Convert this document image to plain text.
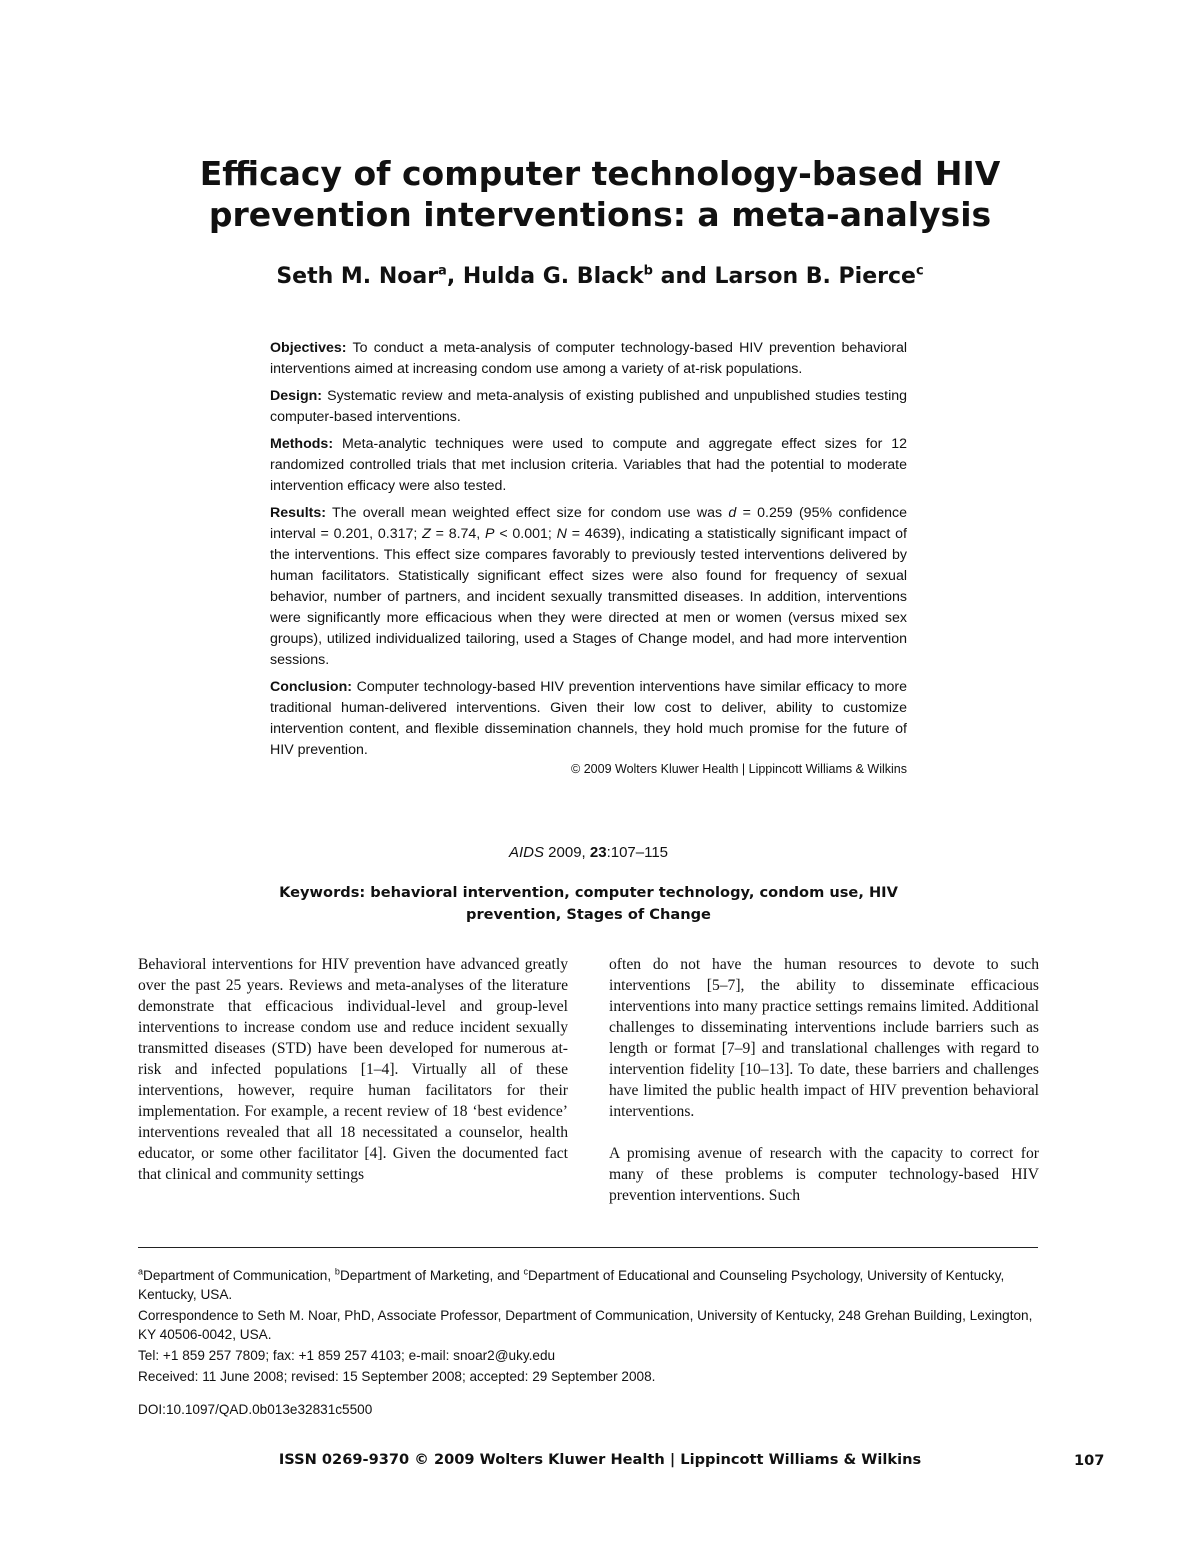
Efficacy of computer technology-based HIV
prevention interventions: a meta-analysis
Seth M. Noar$^a$, Hulda G. Black$^b$ and Larson B. Pierce$^c$

Objectives: To conduct a meta-analysis of computer technology-based HIV prevention behavioral interventions aimed at increasing condom use among a variety of at-risk populations.

Design: Systematic review and meta-analysis of existing published and unpublished studies testing computer-based interventions.

Methods: Meta-analytic techniques were used to compute and aggregate effect sizes for 12 randomized controlled trials that met inclusion criteria. Variables that had the potential to moderate intervention efficacy were also tested.

Results: The overall mean weighted effect size for condom use was d = 0.259 (95% confidence interval = 0.201, 0.317; Z = 8.74, P < 0.001; N = 4639), indicating a statistically significant impact of the interventions. This effect size compares favorably to previously tested interventions delivered by human facilitators. Statistically significant effect sizes were also found for frequency of sexual behavior, number of partners, and incident sexually transmitted diseases. In addition, interventions were significantly more efficacious when they were directed at men or women (versus mixed sex groups), utilized individualized tailoring, used a Stages of Change model, and had more intervention sessions.

Conclusion: Computer technology-based HIV prevention interventions have similar efficacy to more traditional human-delivered interventions. Given their low cost to deliver, ability to customize intervention content, and flexible dissemination channels, they hold much promise for the future of HIV prevention.

© 2009 Wolters Kluwer Health | Lippincott Williams & Wilkins
AIDS 2009, 23:107–115
Keywords: behavioral intervention, computer technology, condom use, HIV
prevention, Stages of Change

Behavioral interventions for HIV prevention have advanced greatly over the past 25 years. Reviews and meta-analyses of the literature demonstrate that efficacious individual-level and group-level interventions to increase condom use and reduce incident sexually transmitted diseases (STD) have been developed for numerous at-risk and infected populations [1–4]. Virtually all of these interventions, however, require human facilitators for their implementation. For example, a recent review of 18 ‘best evidence’ interventions revealed that all 18 necessitated a counselor, health educator, or some other facilitator [4]. Given the documented fact that clinical and community settings

often do not have the human resources to devote to such interventions [5–7], the ability to disseminate efficacious interventions into many practice settings remains limited. Additional challenges to disseminating interventions include barriers such as length or format [7–9] and translational challenges with regard to intervention fidelity [10–13]. To date, these barriers and challenges have limited the public health impact of HIV prevention behavioral interventions.

A promising avenue of research with the capacity to correct for many of these problems is computer technology-based HIV prevention interventions. Such

$^a$Department of Communication, $^b$Department of Marketing, and $^c$Department of Educational and Counseling Psychology, University of Kentucky, Kentucky, USA.

Correspondence to Seth M. Noar, PhD, Associate Professor, Department of Communication, University of Kentucky, 248 Grehan Building, Lexington, KY 40506-0042, USA.

Tel: +1 859 257 7809; fax: +1 859 257 4103; e-mail: snoar2@uky.edu

Received: 11 June 2008; revised: 15 September 2008; accepted: 29 September 2008.

DOI:10.1097/QAD.0b013e32831c5500

ISSN 0269-9370 © 2009 Wolters Kluwer Health | Lippincott Williams & Wilkins	107
